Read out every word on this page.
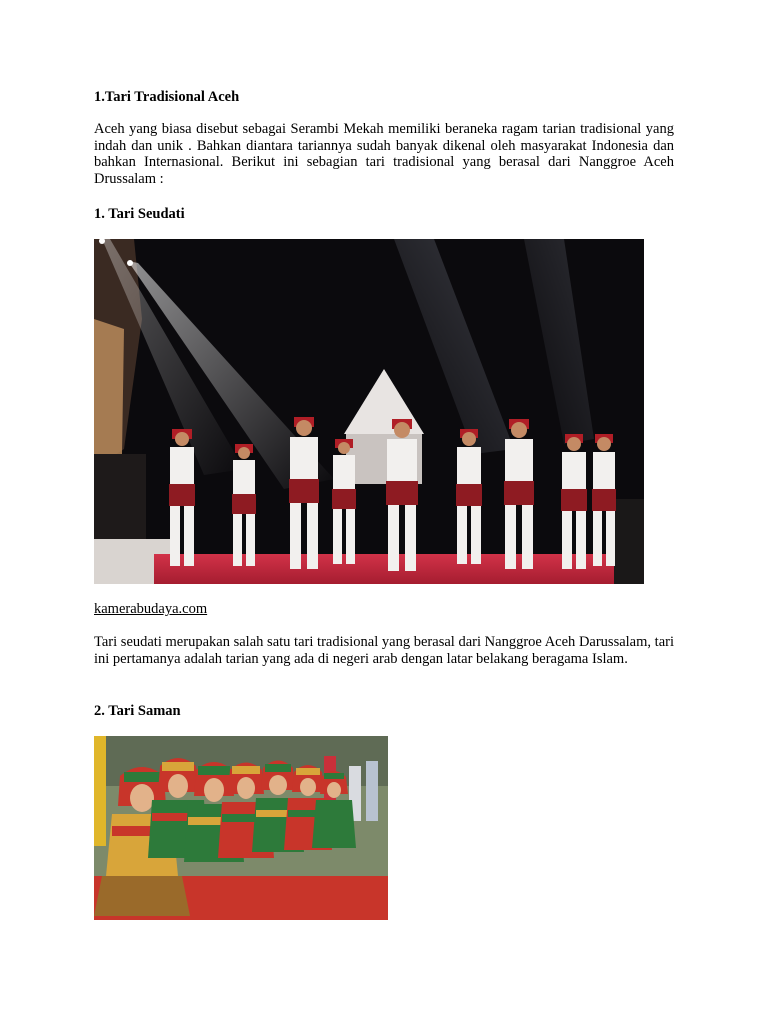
1.Tari Tradisional Aceh
Aceh yang biasa disebut sebagai Serambi Mekah memiliki beraneka ragam tarian tradisional yang indah dan unik . Bahkan diantara tariannya sudah banyak dikenal oleh masyarakat Indonesia dan bahkan Internasional. Berikut ini sebagian tari tradisional yang berasal dari Nanggroe Aceh Drussalam :
1. Tari Seudati
kamerabudaya.com
Tari seudati merupakan salah satu tari tradisional yang berasal dari Nanggroe Aceh Darussalam, tari ini pertamanya adalah tarian yang ada di negeri arab dengan latar belakang beragama Islam.
2. Tari Saman
